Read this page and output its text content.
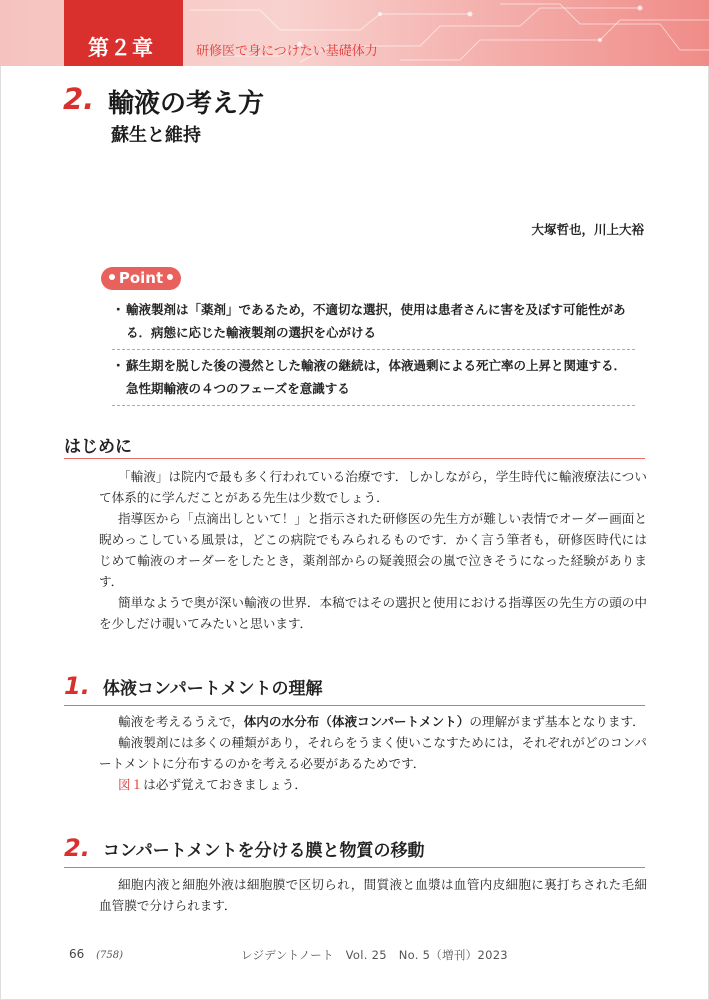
第２章	研修医で身につけたい基礎体力
2. 輸液の考え方
蘇生と維持
大塚哲也，川上大裕
Point
・ 輸液製剤は「薬剤」であるため，不適切な選択，使用は患者さんに害を及ぼす可能性がある．病態に応じた輸液製剤の選択を心がける
・ 蘇生期を脱した後の漫然とした輸液の継続は，体液過剰による死亡率の上昇と関連する．急性期輸液の４つのフェーズを意識する
はじめに

「輸液」は院内で最も多く行われている治療です．しかしながら，学生時代に輸液療法について体系的に学んだことがある先生は少数でしょう．

指導医から「点滴出しといて！」と指示された研修医の先生方が難しい表情でオーダー画面と睨めっこしている風景は，どこの病院でもみられるものです．かく言う筆者も，研修医時代にはじめて輸液のオーダーをしたとき，薬剤部からの疑義照会の嵐で泣きそうになった経験があります．

簡単なようで奥が深い輸液の世界．本稿ではその選択と使用における指導医の先生方の頭の中を少しだけ覗いてみたいと思います．

1. 体液コンパートメントの理解

輸液を考えるうえで，体内の水分布（体液コンパートメント）の理解がまず基本となります．

輸液製剤には多くの種類があり，それらをうまく使いこなすためには，それぞれがどのコンパートメントに分布するのかを考える必要があるためです．

図１は必ず覚えておきましょう．

2. コンパートメントを分ける膜と物質の移動

細胞内液と細胞外液は細胞膜で区切られ，間質液と血漿は血管内皮細胞に裏打ちされた毛細血管膜で分けられます．

66 (758)	レジデントノート　Vol. 25　No. 5（増刊）2023
